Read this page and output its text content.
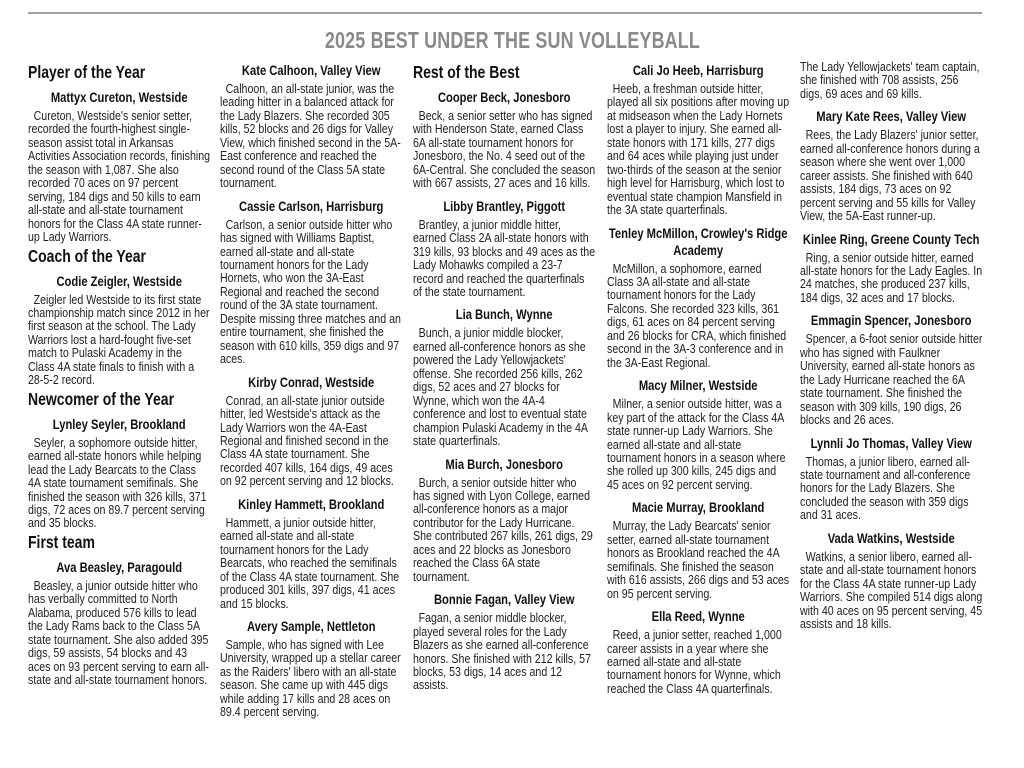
2025 BEST UNDER THE SUN VOLLEYBALL
Player of the Year
Mattyx Cureton, Westside
Cureton, Westside's senior setter, recorded the fourth-highest single-season assist total in Arkansas Activities Association records, finishing the season with 1,087. She also recorded 70 aces on 97 percent serving, 184 digs and 50 kills to earn all-state and all-state tournament honors for the Class 4A state runner-up Lady Warriors.
Coach of the Year
Codie Zeigler, Westside
Zeigler led Westside to its first state championship match since 2012 in her first season at the school. The Lady Warriors lost a hard-fought five-set match to Pulaski Academy in the Class 4A state finals to finish with a 28-5-2 record.
Newcomer of the Year
Lynley Seyler, Brookland
Seyler, a sophomore outside hitter, earned all-state honors while helping lead the Lady Bearcats to the Class 4A state tournament semifinals. She finished the season with 326 kills, 371 digs, 72 aces on 89.7 percent serving and 35 blocks.
First team
Ava Beasley, Paragould
Beasley, a junior outside hitter who has verbally committed to North Alabama, produced 576 kills to lead the Lady Rams back to the Class 5A state tournament. She also added 395 digs, 59 assists, 54 blocks and 43 aces on 93 percent serving to earn all-state and all-state tournament honors.
Kate Calhoon, Valley View
Calhoon, an all-state junior, was the leading hitter in a balanced attack for the Lady Blazers. She recorded 305 kills, 52 blocks and 26 digs for Valley View, which finished second in the 5A-East conference and reached the second round of the Class 5A state tournament.
Cassie Carlson, Harrisburg
Carlson, a senior outside hitter who has signed with Williams Baptist, earned all-state and all-state tournament honors for the Lady Hornets, who won the 3A-East Regional and reached the second round of the 3A state tournament. Despite missing three matches and an entire tournament, she finished the season with 610 kills, 359 digs and 97 aces.
Kirby Conrad, Westside
Conrad, an all-state junior outside hitter, led Westside's attack as the Lady Warriors won the 4A-East Regional and finished second in the Class 4A state tournament. She recorded 407 kills, 164 digs, 49 aces on 92 percent serving and 12 blocks.
Kinley Hammett, Brookland
Hammett, a junior outside hitter, earned all-state and all-state tournament honors for the Lady Bearcats, who reached the semifinals of the Class 4A state tournament. She produced 301 kills, 397 digs, 41 aces and 15 blocks.
Avery Sample, Nettleton
Sample, who has signed with Lee University, wrapped up a stellar career as the Raiders' libero with an all-state season. She came up with 445 digs while adding 17 kills and 28 aces on 89.4 percent serving.
Rest of the Best
Cooper Beck, Jonesboro
Beck, a senior setter who has signed with Henderson State, earned Class 6A all-state tournament honors for Jonesboro, the No. 4 seed out of the 6A-Central. She concluded the season with 667 assists, 27 aces and 16 kills.
Libby Brantley, Piggott
Brantley, a junior middle hitter, earned Class 2A all-state honors with 319 kills, 93 blocks and 49 aces as the Lady Mohawks compiled a 23-7 record and reached the quarterfinals of the state tournament.
Lia Bunch, Wynne
Bunch, a junior middle blocker, earned all-conference honors as she powered the Lady Yellowjackets' offense. She recorded 256 kills, 262 digs, 52 aces and 27 blocks for Wynne, which won the 4A-4 conference and lost to eventual state champion Pulaski Academy in the 4A state quarterfinals.
Mia Burch, Jonesboro
Burch, a senior outside hitter who has signed with Lyon College, earned all-conference honors as a major contributor for the Lady Hurricane. She contributed 267 kills, 261 digs, 29 aces and 22 blocks as Jonesboro reached the Class 6A state tournament.
Bonnie Fagan, Valley View
Fagan, a senior middle blocker, played several roles for the Lady Blazers as she earned all-conference honors. She finished with 212 kills, 57 blocks, 53 digs, 14 aces and 12 assists.
Cali Jo Heeb, Harrisburg
Heeb, a freshman outside hitter, played all six positions after moving up at midseason when the Lady Hornets lost a player to injury. She earned all-state honors with 171 kills, 277 digs and 64 aces while playing just under two-thirds of the season at the senior high level for Harrisburg, which lost to eventual state champion Mansfield in the 3A state quarterfinals.
Tenley McMillon, Crowley's Ridge Academy
McMillon, a sophomore, earned Class 3A all-state and all-state tournament honors for the Lady Falcons. She recorded 323 kills, 361 digs, 61 aces on 84 percent serving and 26 blocks for CRA, which finished second in the 3A-3 conference and in the 3A-East Regional.
Macy Milner, Westside
Milner, a senior outside hitter, was a key part of the attack for the Class 4A state runner-up Lady Warriors. She earned all-state and all-state tournament honors in a season where she rolled up 300 kills, 245 digs and 45 aces on 92 percent serving.
Macie Murray, Brookland
Murray, the Lady Bearcats' senior setter, earned all-state tournament honors as Brookland reached the 4A semifinals. She finished the season with 616 assists, 266 digs and 53 aces on 95 percent serving.
Ella Reed, Wynne
Reed, a junior setter, reached 1,000 career assists in a year where she earned all-state and all-state tournament honors for Wynne, which reached the Class 4A quarterfinals.
The Lady Yellowjackets' team captain, she finished with 708 assists, 256 digs, 69 aces and 69 kills.
Mary Kate Rees, Valley View
Rees, the Lady Blazers' junior setter, earned all-conference honors during a season where she went over 1,000 career assists. She finished with 640 assists, 184 digs, 73 aces on 92 percent serving and 55 kills for Valley View, the 5A-East runner-up.
Kinlee Ring, Greene County Tech
Ring, a senior outside hitter, earned all-state honors for the Lady Eagles. In 24 matches, she produced 237 kills, 184 digs, 32 aces and 17 blocks.
Emmagin Spencer, Jonesboro
Spencer, a 6-foot senior outside hitter who has signed with Faulkner University, earned all-state honors as the Lady Hurricane reached the 6A state tournament. She finished the season with 309 kills, 190 digs, 26 blocks and 26 aces.
Lynnli Jo Thomas, Valley View
Thomas, a junior libero, earned all-state tournament and all-conference honors for the Lady Blazers. She concluded the season with 359 digs and 31 aces.
Vada Watkins, Westside
Watkins, a senior libero, earned all-state and all-state tournament honors for the Class 4A state runner-up Lady Warriors. She compiled 514 digs along with 40 aces on 95 percent serving, 45 assists and 18 kills.
